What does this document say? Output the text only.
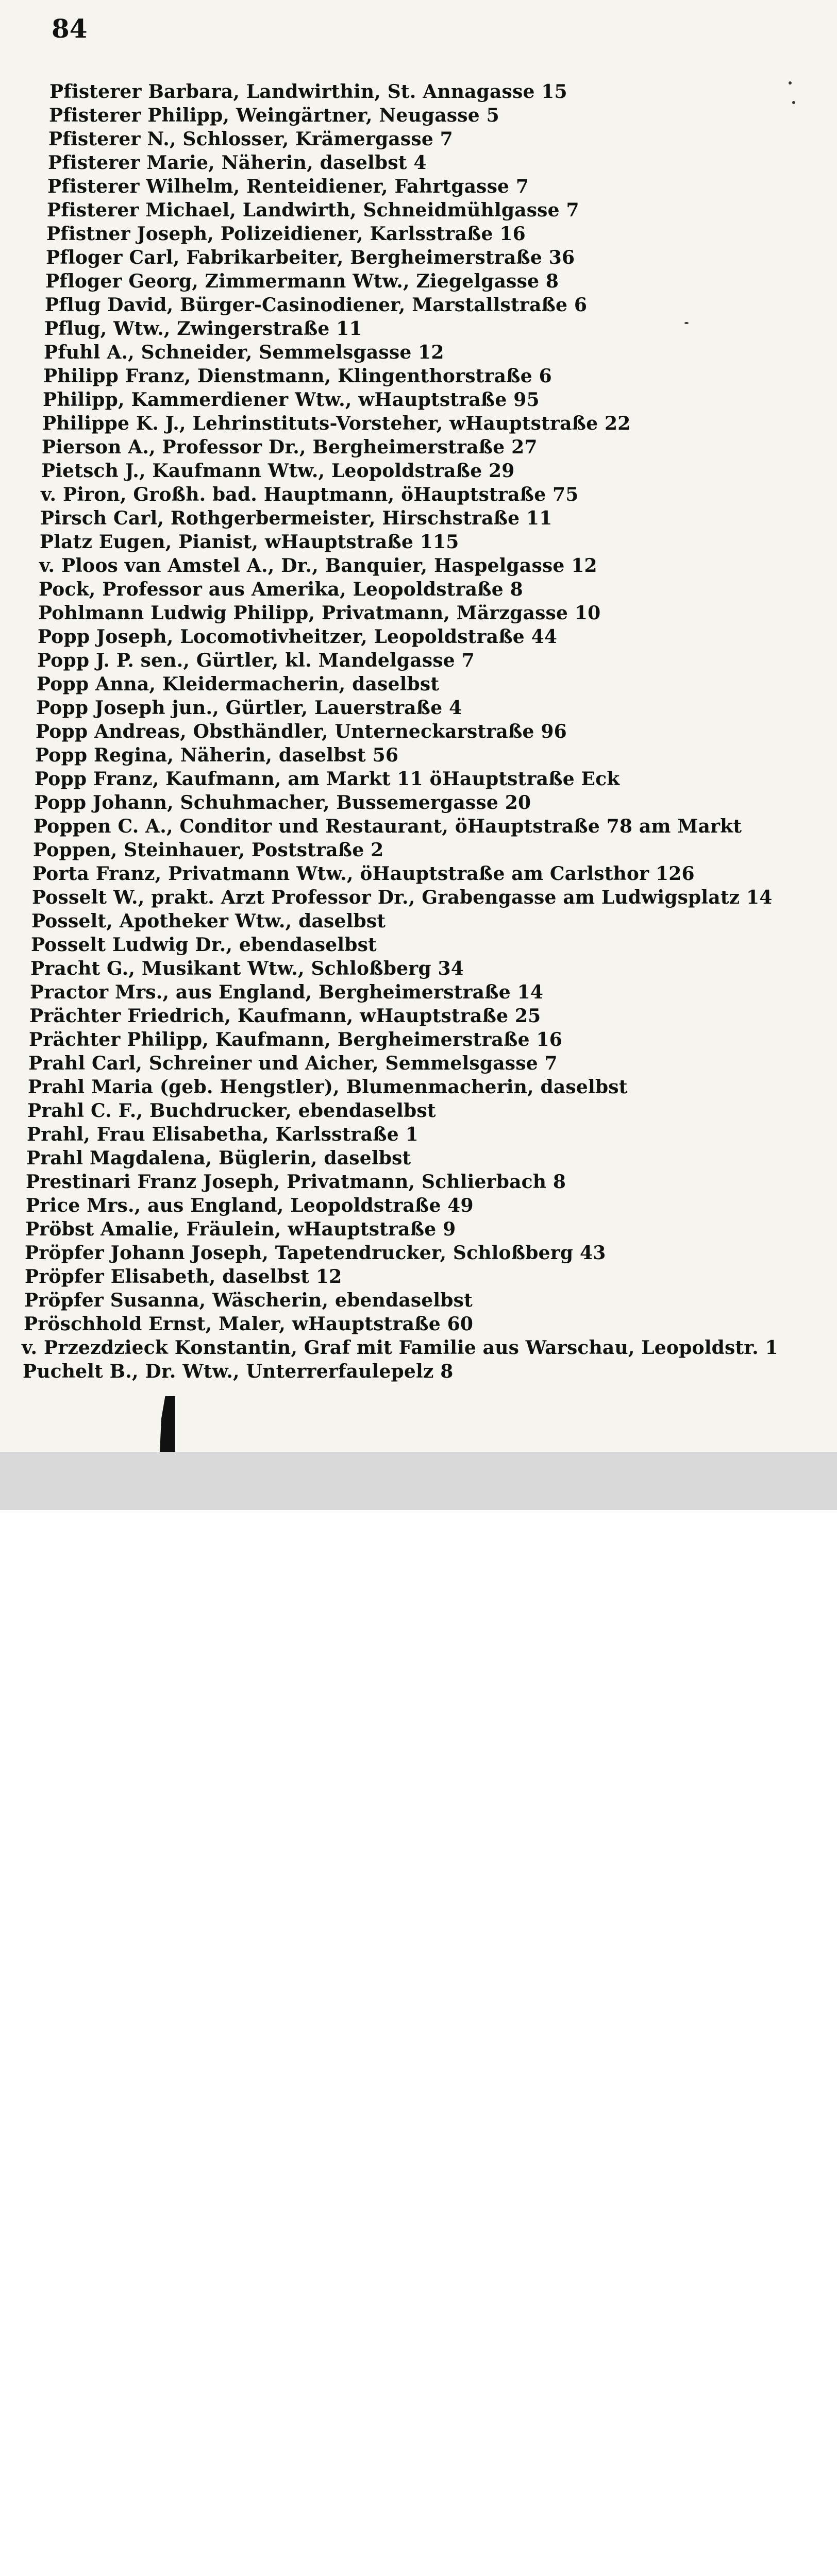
84
Pfisterer Barbara, Landwirthin, St. Annagasse 15
Pfisterer Philipp, Weingärtner, Neugasse 5
Pfisterer N., Schlosser, Krämergasse 7
Pfisterer Marie, Näherin, daselbst 4
Pfisterer Wilhelm, Renteidiener, Fahrtgasse 7
Pfisterer Michael, Landwirth, Schneidmühlgasse 7
Pfistner Joseph, Polizeidiener, Karlsstraße 16
Pfloger Carl, Fabrikarbeiter, Bergheimerstraße 36
Pfloger Georg, Zimmermann Wtw., Ziegelgasse 8
Pflug David, Bürger-Casinodiener, Marstallstraße 6
Pflug, Wtw., Zwingerstraße 11
Pfuhl A., Schneider, Semmelsgasse 12
Philipp Franz, Dienstmann, Klingenthorstraße 6
Philipp, Kammerdiener Wtw., wHauptstraße 95
Philippe K. J., Lehrinstituts-Vorsteher, wHauptstraße 22
Pierson A., Professor Dr., Bergheimerstraße 27
Pietsch J., Kaufmann Wtw., Leopoldstraße 29
v. Piron, Großh. bad. Hauptmann, öHauptstraße 75
Pirsch Carl, Rothgerbermeister, Hirschstraße 11
Platz Eugen, Pianist, wHauptstraße 115
v. Ploos van Amstel A., Dr., Banquier, Haspelgasse 12
Pock, Professor aus Amerika, Leopoldstraße 8
Pohlmann Ludwig Philipp, Privatmann, Märzgasse 10
Popp Joseph, Locomotivheitzer, Leopoldstraße 44
Popp J. P. sen., Gürtler, kl. Mandelgasse 7
Popp Anna, Kleidermacherin, daselbst
Popp Joseph jun., Gürtler, Lauerstraße 4
Popp Andreas, Obsthändler, Unterneckarstraße 96
Popp Regina, Näherin, daselbst 56
Popp Franz, Kaufmann, am Markt 11 öHauptstraße Eck
Popp Johann, Schuhmacher, Bussemergasse 20
Poppen C. A., Conditor und Restaurant, öHauptstraße 78 am Markt
Poppen, Steinhauer, Poststraße 2
Porta Franz, Privatmann Wtw., öHauptstraße am Carlsthor 126
Posselt W., prakt. Arzt Professor Dr., Grabengasse am Ludwigsplatz 14
Posselt, Apotheker Wtw., daselbst
Posselt Ludwig Dr., ebendaselbst
Pracht G., Musikant Wtw., Schloßberg 34
Practor Mrs., aus England, Bergheimerstraße 14
Prächter Friedrich, Kaufmann, wHauptstraße 25
Prächter Philipp, Kaufmann, Bergheimerstraße 16
Prahl Carl, Schreiner und Aicher, Semmelsgasse 7
Prahl Maria (geb. Hengstler), Blumenmacherin, daselbst
Prahl C. F., Buchdrucker, ebendaselbst
Prahl, Frau Elisabetha, Karlsstraße 1
Prahl Magdalena, Büglerin, daselbst
Prestinari Franz Joseph, Privatmann, Schlierbach 8
Price Mrs., aus England, Leopoldstraße 49
Pröbst Amalie, Fräulein, wHauptstraße 9
Pröpfer Johann Joseph, Tapetendrucker, Schloßberg 43
Pröpfer Elisabeth, daselbst 12
Pröpfer Susanna, Wäscherin, ebendaselbst
Pröschhold Ernst, Maler, wHauptstraße 60
v. Przezdzieck Konstantin, Graf mit Familie aus Warschau, Leopoldstr. 1
Puchelt B., Dr. Wtw., Unterrerfaulepelz 8
